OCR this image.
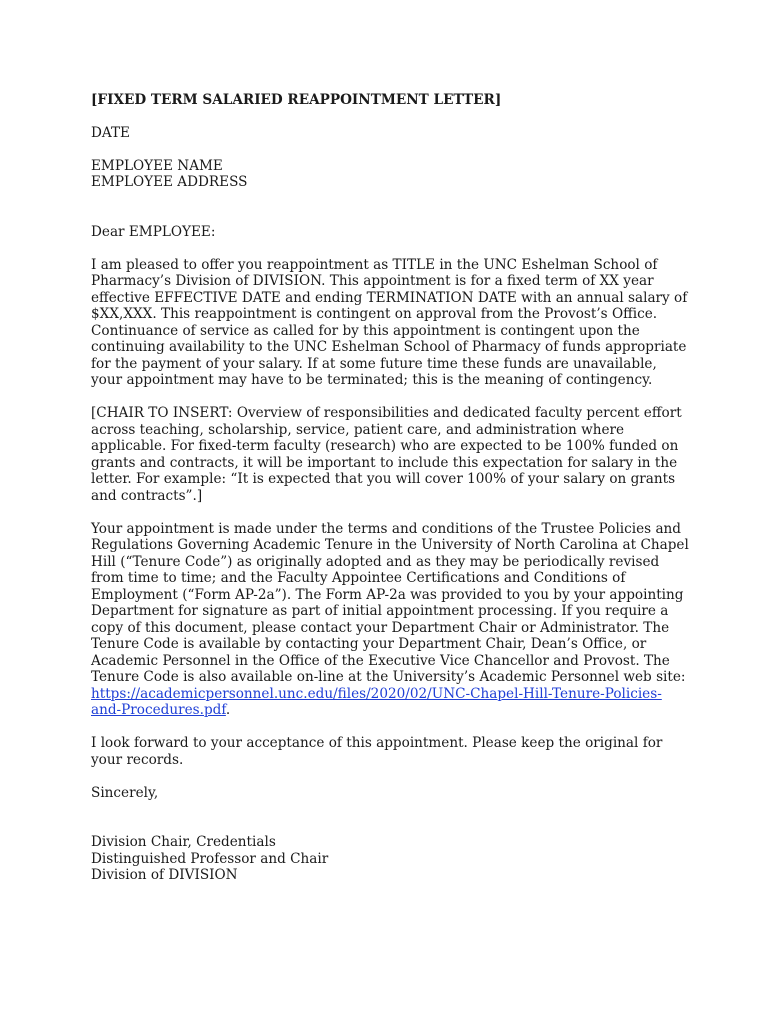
[FIXED TERM SALARIED REAPPOINTMENT LETTER]

DATE

EMPLOYEE NAME

EMPLOYEE ADDRESS

Dear EMPLOYEE:

I am pleased to offer you reappointment as TITLE in the UNC Eshelman School of Pharmacy’s Division of DIVISION. This appointment is for a fixed term of XX year effective EFFECTIVE DATE and ending TERMINATION DATE with an annual salary of $XX,XXX. This reappointment is contingent on approval from the Provost’s Office. Continuance of service as called for by this appointment is contingent upon the continuing availability to the UNC Eshelman School of Pharmacy of funds appropriate for the payment of your salary. If at some future time these funds are unavailable, your appointment may have to be terminated; this is the meaning of contingency.

[CHAIR TO INSERT: Overview of responsibilities and dedicated faculty percent effort across teaching, scholarship, service, patient care, and administration where applicable. For fixed-term faculty (research) who are expected to be 100% funded on grants and contracts, it will be important to include this expectation for salary in the letter. For example: “It is expected that you will cover 100% of your salary on grants and contracts”.]

Your appointment is made under the terms and conditions of the Trustee Policies and Regulations Governing Academic Tenure in the University of North Carolina at Chapel Hill (“Tenure Code”) as originally adopted and as they may be periodically revised from time to time; and the Faculty Appointee Certifications and Conditions of Employment (“Form AP-2a”). The Form AP-2a was provided to you by your appointing Department for signature as part of initial appointment processing. If you require a copy of this document, please contact your Department Chair or Administrator. The Tenure Code is available by contacting your Department Chair, Dean’s Office, or Academic Personnel in the Office of the Executive Vice Chancellor and Provost. The Tenure Code is also available on-line at the University’s Academic Personnel web site: https://academicpersonnel.unc.edu/files/2020/02/UNC-Chapel-Hill-Tenure-Policies-and-Procedures.pdf.

I look forward to your acceptance of this appointment. Please keep the original for your records.

Sincerely,

Division Chair, Credentials

Distinguished Professor and Chair

Division of DIVISION
